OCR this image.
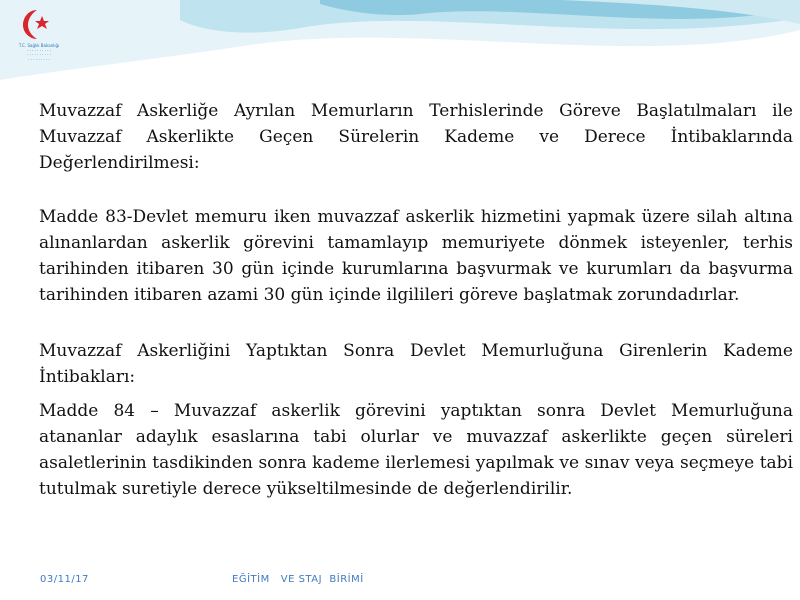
T.C. Sağlık Bakanlığı
· · · · · · · · · ·
· · · · · · · · · ·
· · · · · · · · ·

Muvazzaf Askerliğe Ayrılan Memurların Terhislerinde Göreve Başlatılmaları ile Muvazzaf Askerlikte Geçen Sürelerin Kademe ve Derece İntibaklarında Değerlendirilmesi:

Madde 83-Devlet memuru iken muvazzaf askerlik hizmetini yapmak üzere silah altına alınanlardan askerlik görevini tamamlayıp memuriyete dönmek isteyenler, terhis tarihinden itibaren 30 gün içinde kurumlarına başvurmak ve kurumları da başvurma tarihinden itibaren azami 30 gün içinde ilgilileri göreve başlatmak zorundadırlar.

Muvazzaf Askerliğini Yaptıktan Sonra Devlet Memurluğuna Girenlerin Kademe İntibakları:

Madde 84 – Muvazzaf askerlik görevini yaptıktan sonra Devlet Memurluğuna atananlar adaylık esaslarına tabi olurlar ve muvazzaf askerlikte geçen süreleri asaletlerinin tasdikinden sonra kademe ilerlemesi yapılmak ve sınav veya seçmeye tabi tutulmak suretiyle derece yükseltilmesinde de değerlendirilir.

03/11/17	EĞİTİM   VE STAJ  BİRİMİ
